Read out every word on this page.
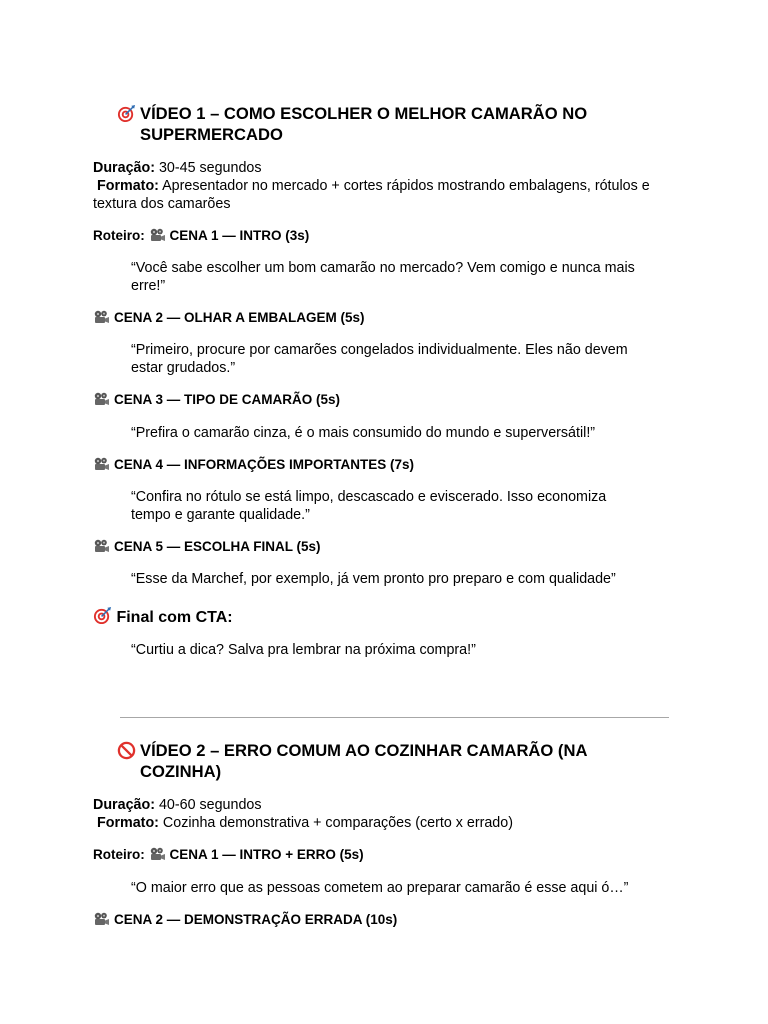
VÍDEO 1 – COMO ESCOLHER O MELHOR CAMARÃO NO SUPERMERCADO
Duração: 30-45 segundos
Formato: Apresentador no mercado + cortes rápidos mostrando embalagens, rótulos e textura dos camarões
Roteiro: CENA 1 — INTRO (3s)
“Você sabe escolher um bom camarão no mercado? Vem comigo e nunca mais erre!”
CENA 2 — OLHAR A EMBALAGEM (5s)
“Primeiro, procure por camarões congelados individualmente. Eles não devem estar grudados.”
CENA 3 — TIPO DE CAMARÃO (5s)
“Prefira o camarão cinza, é o mais consumido do mundo e superversátil!”
CENA 4 — INFORMAÇÕES IMPORTANTES (7s)
“Confira no rótulo se está limpo, descascado e eviscerado. Isso economiza tempo e garante qualidade.”
CENA 5 — ESCOLHA FINAL (5s)
“Esse da Marchef, por exemplo, já vem pronto pro preparo e com qualidade”
Final com CTA:
“Curtiu a dica? Salva pra lembrar na próxima compra!”
VÍDEO 2 – ERRO COMUM AO COZINHAR CAMARÃO (NA COZINHA)
Duração: 40-60 segundos
Formato: Cozinha demonstrativa + comparações (certo x errado)
Roteiro: CENA 1 — INTRO + ERRO (5s)
“O maior erro que as pessoas cometem ao preparar camarão é esse aqui ó…”
CENA 2 — DEMONSTRAÇÃO ERRADA (10s)
